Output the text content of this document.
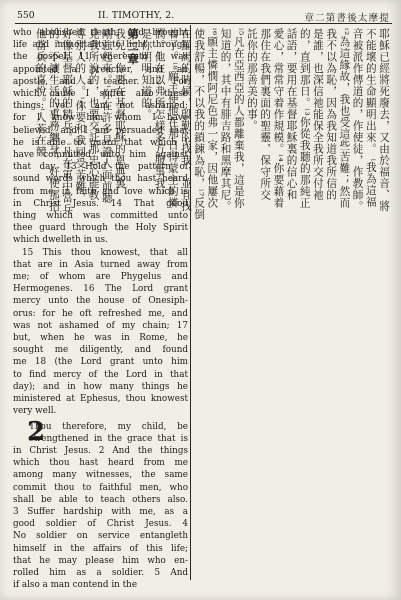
550	II. TIMOTHY, 2.	章二第書後太摩提
who abolished death, and brought
life and immortality to light through
the gospel, 11 whereunto I was
appointed a preacher, and an
apostle, and a teacher. 12 For
which cause I suffer also these
things: yet I am not ashamed;
for I know him whom I have
believed, and I am persuaded that
he is able to guard that which I
have committed unto him against
that day. 13 Hold the pattern of
sound words which thou hast heard
from me, in faith and love which is
in Christ Jesus. 14 That good
thing which was committed unto
thee guard through the Holy Spirit
which dwelleth in us.
15 This thou knowest, that all
that are in Asia turned away from
me; of whom are Phygelus and
Hermogenes. 16 The Lord grant
mercy unto the house of Onesiph-
orus: for he oft refreshed me, and
was not ashamed of my chain; 17
but, when he was in Rome, he
sought me diligently, and found
me 18 (the Lord grant unto him
to find mercy of the Lord in that
day); and in how many things he
ministered at Ephesus, thou knowest
very well.
2
Thou therefore, my child, be
strengthened in the grace that is
in Christ Jesus. 2 And the things
which thou hast heard from me
among many witnesses, the same
commit thou to faithful men, who
shall be able to teach others also.
3 Suffer hardship with me, as a
good soldier of Christ Jesus. 4
No soldier on service entangleth
himself in the affairs of this life;
that he may please him who en-
rolled him as a soldier. 5 And
if also a man contend in the
耶穌已經將死廢去，又由於福音、將
不能壞的生命顯明出來。 ⁱ我為這福
音被派作傳道的，作使徒，作教師。
ⁱ²為這緣故，我也受這些苦難；然而
我不以為恥，因為我知道我所信的
是誰，也深信祂能保全我所交付祂
的，直到那日。ⁱ³你從我聽的那純正
話語，要用在基督耶穌裏的信心和
愛心，常常守着作規模。ⁱ⁴你要藉着
那住在我們裏面的聖靈，保守所交
託你的那善美的事。
ⁱ⁵凡在亞西亞的人都離棄我，這是你
知道的，其中有腓吉路和黑摩其尼。
ⁱ⁶願主憐憫阿尼色弗一家，因他屢次
使我舒暢，不以我的鎖鍊為恥，ⁱ⁷反倒
在羅馬的時候，殷勤的找我，並且找
着了。ⁱ⁸願主使他在那日得蒙主的憐
憫。他在以弗所怎樣多方服事我，
是你明明知道的。
第二章
我兒，你要在基督耶穌的恩典裏
剛強起來。ⁱ你在許多見證人面前聽
見我所說的，也要交託那忠心能教
導別人的人。ⁱ你要和我同受苦難，
好像基督耶穌的精兵。ⁱ凡在軍中當兵
的，不讓生活的事務纏身，好使那招
他當兵的喜悅。ⁱ人若在競
